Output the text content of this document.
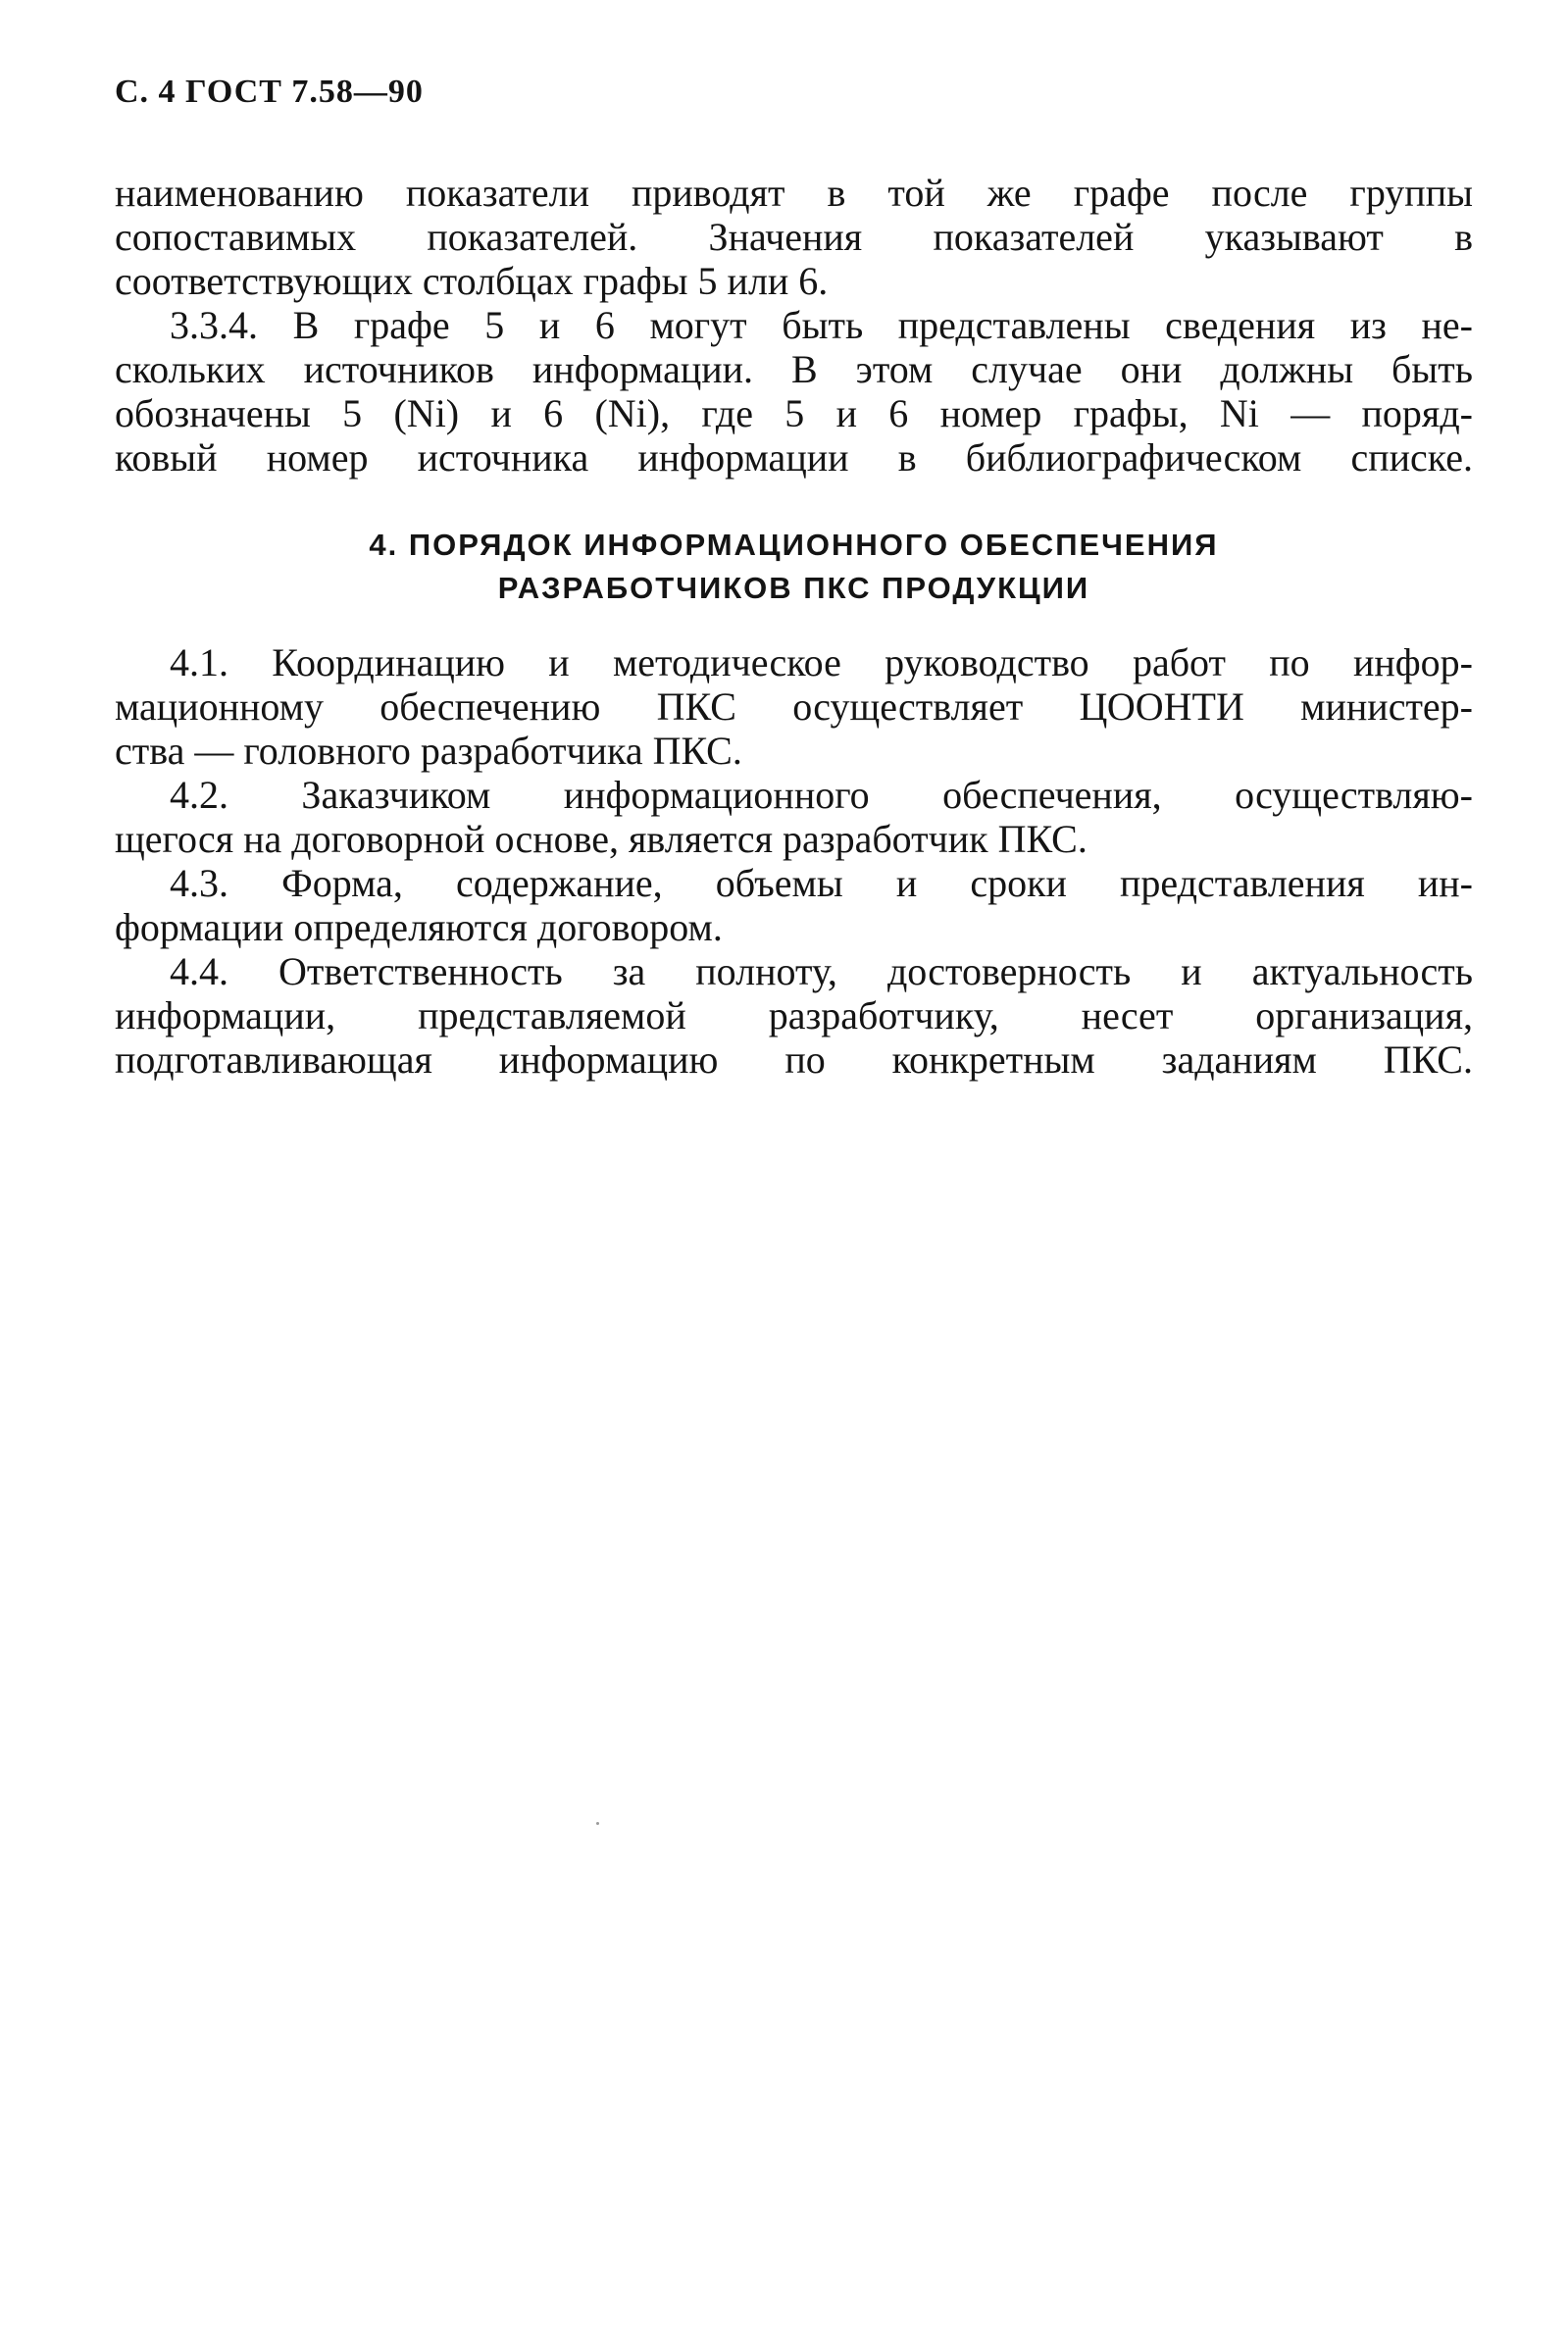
С. 4 ГОСТ 7.58—90
наименованию показатели приводят в той же графе после группы
сопоставимых показателей. Значения показателей указывают в
соответствующих столбцах графы 5 или 6.
3.3.4. В графе 5 и 6 могут быть представлены сведения из не-
скольких источников информации. В этом случае они должны быть
обозначены 5 (Ni) и 6 (Ni), где 5 и 6 номер графы, Ni — поряд-
ковый номер источника информации в библиографическом списке.
4. ПОРЯДОК ИНФОРМАЦИОННОГО ОБЕСПЕЧЕНИЯ
РАЗРАБОТЧИКОВ ПКС ПРОДУКЦИИ
4.1. Координацию и методическое руководство работ по инфор-
мационному обеспечению ПКС осуществляет ЦООНТИ министер-
ства — головного разработчика ПКС.
4.2. Заказчиком информационного обеспечения, осуществляю-
щегося на договорной основе, является разработчик ПКС.
4.3. Форма, содержание, объемы и сроки представления ин-
формации определяются договором.
4.4. Ответственность за полноту, достоверность и актуальность
информации, представляемой разработчику, несет организация,
подготавливающая информацию по конкретным заданиям ПКС.
